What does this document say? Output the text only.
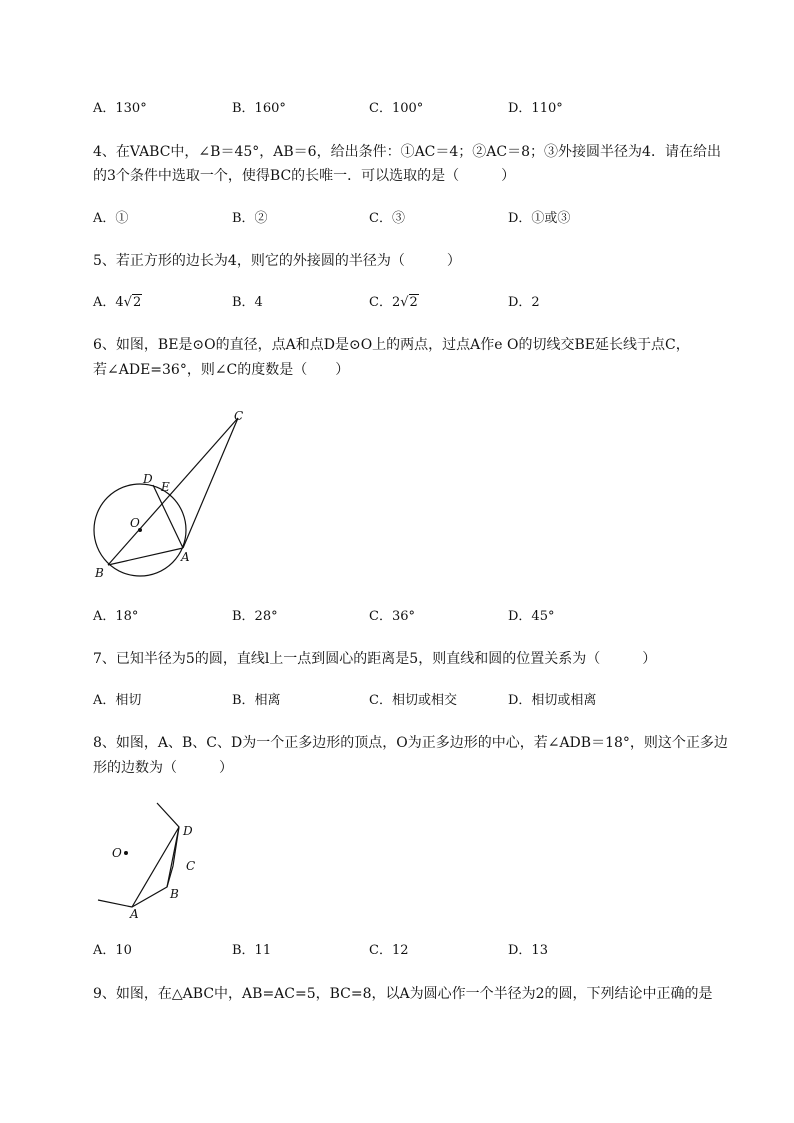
A．130°	B．160°	C．100°	D．110°
4、在VABC中，∠B＝45°，AB＝6，给出条件：①AC＝4；②AC＝8；③外接圆半径为4．请在给出
的3个条件中选取一个，使得BC的长唯一．可以选取的是（　　　）
A．①	B．②	C．③	D．①或③
5、若正方形的边长为4，则它的外接圆的半径为（　　　）
A．4√2	B．4	C．2√2	D．2
6、如图，BE是⊙O的直径，点A和点D是⊙O上的两点，过点A作e O的切线交BE延长线于点C，
若∠ADE=36°，则∠C的度数是（　　）
C
D
E
O
A
B
A．18°	B．28°	C．36°	D．45°
7、已知半径为5的圆，直线l上一点到圆心的距离是5，则直线和圆的位置关系为（　　　）
A．相切	B．相离	C．相切或相交	D．相切或相离
8、如图，A、B、C、D为一个正多边形的顶点，O为正多边形的中心，若∠ADB＝18°，则这个正多边
形的边数为（　　　）
O
D
C
B
A
A．10	B．11	C．12	D．13
9、如图，在△ABC中，AB=AC=5，BC=8，以A为圆心作一个半径为2的圆，下列结论中正确的是
